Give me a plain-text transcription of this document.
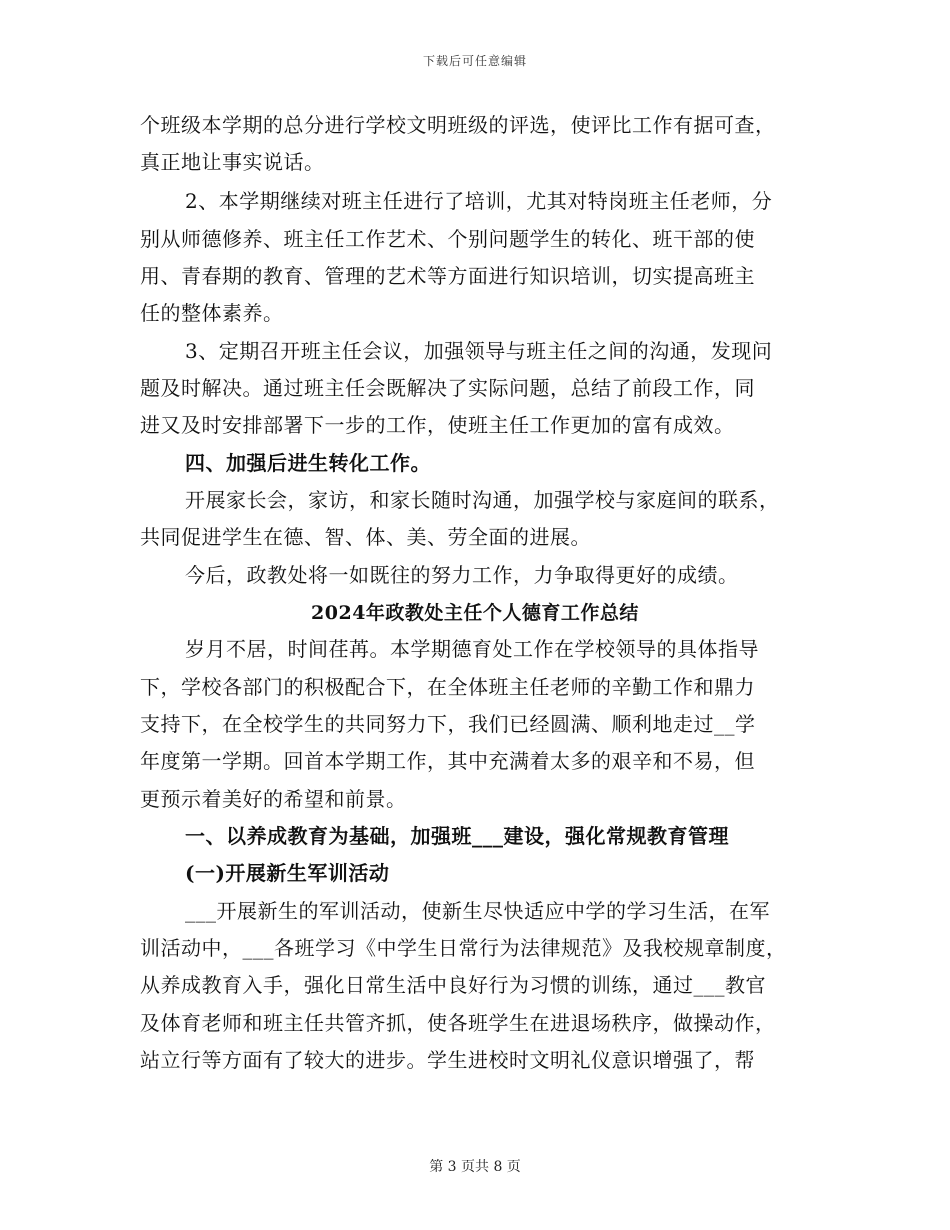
下载后可任意编辑
个班级本学期的总分进行学校文明班级的评选，使评比工作有据可查，
真正地让事实说话。
2、本学期继续对班主任进行了培训，尤其对特岗班主任老师，分
别从师德修养、班主任工作艺术、个别问题学生的转化、班干部的使
用、青春期的教育、管理的艺术等方面进行知识培训，切实提高班主
任的整体素养。
3、定期召开班主任会议，加强领导与班主任之间的沟通，发现问
题及时解决。通过班主任会既解决了实际问题，总结了前段工作，同
进又及时安排部署下一步的工作，使班主任工作更加的富有成效。
四、加强后进生转化工作。
开展家长会，家访，和家长随时沟通，加强学校与家庭间的联系，
共同促进学生在德、智、体、美、劳全面的进展。
今后，政教处将一如既往的努力工作，力争取得更好的成绩。
2024年政教处主任个人德育工作总结
岁月不居，时间荏苒。本学期德育处工作在学校领导的具体指导
下，学校各部门的积极配合下，在全体班主任老师的辛勤工作和鼎力
支持下，在全校学生的共同努力下，我们已经圆满、顺利地走过__学
年度第一学期。回首本学期工作，其中充满着太多的艰辛和不易，但
更预示着美好的希望和前景。
一、以养成教育为基础，加强班___建设，强化常规教育管理
(一)开展新生军训活动
___开展新生的军训活动，使新生尽快适应中学的学习生活，在军
训活动中，___各班学习《中学生日常行为法律规范》及我校规章制度，
从养成教育入手，强化日常生活中良好行为习惯的训练，通过___教官
及体育老师和班主任共管齐抓，使各班学生在进退场秩序，做操动作，
站立行等方面有了较大的进步。学生进校时文明礼仪意识增强了，帮
第 3 页共 8 页
